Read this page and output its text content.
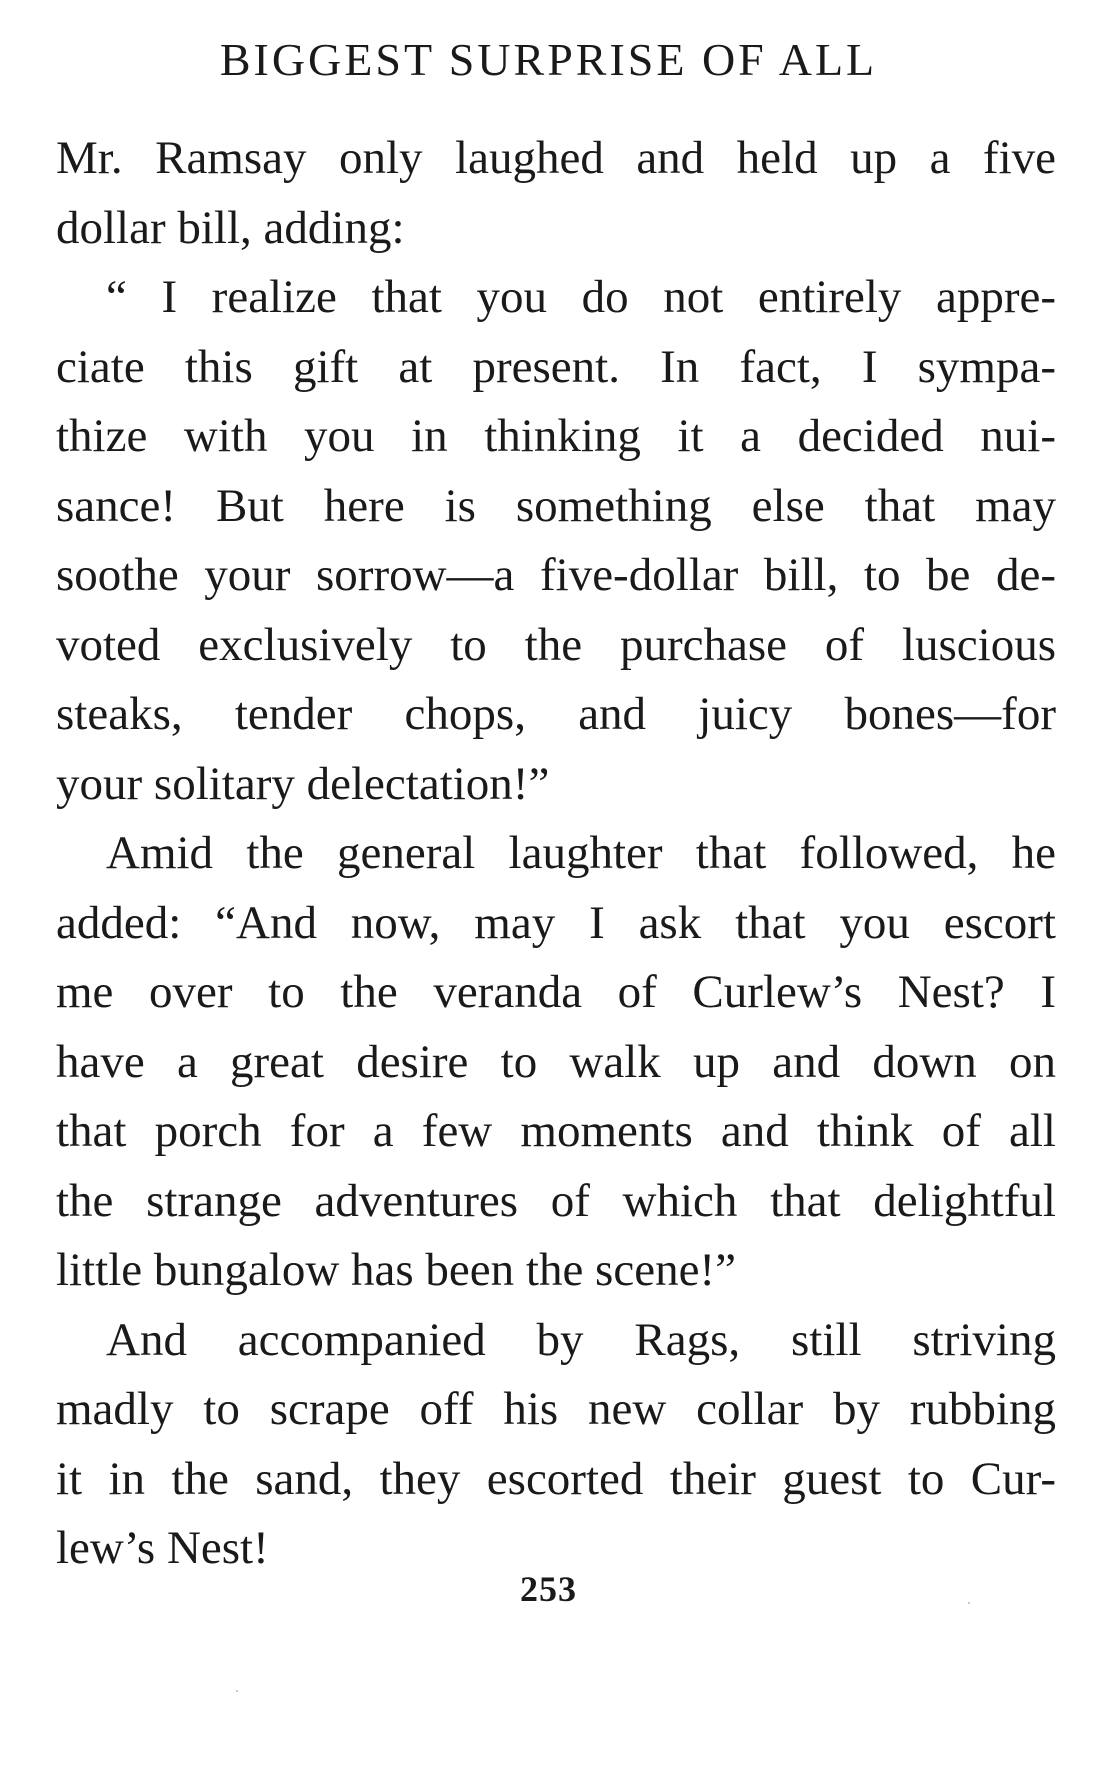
BIGGEST SURPRISE OF ALL
Mr. Ramsay only laughed and held up a five
dollar bill, adding:
“ I realize that you do not entirely appre-
ciate this gift at present. In fact, I sympa-
thize with you in thinking it a decided nui-
sance! But here is something else that may
soothe your sorrow—a five-dollar bill, to be de-
voted exclusively to the purchase of luscious
steaks, tender chops, and juicy bones—for
your solitary delectation!”
Amid the general laughter that followed, he
added: “And now, may I ask that you escort
me over to the veranda of Curlew’s Nest? I
have a great desire to walk up and down on
that porch for a few moments and think of all
the strange adventures of which that delightful
little bungalow has been the scene!”
And accompanied by Rags, still striving
madly to scrape off his new collar by rubbing
it in the sand, they escorted their guest to Cur-
lew’s Nest!
253
